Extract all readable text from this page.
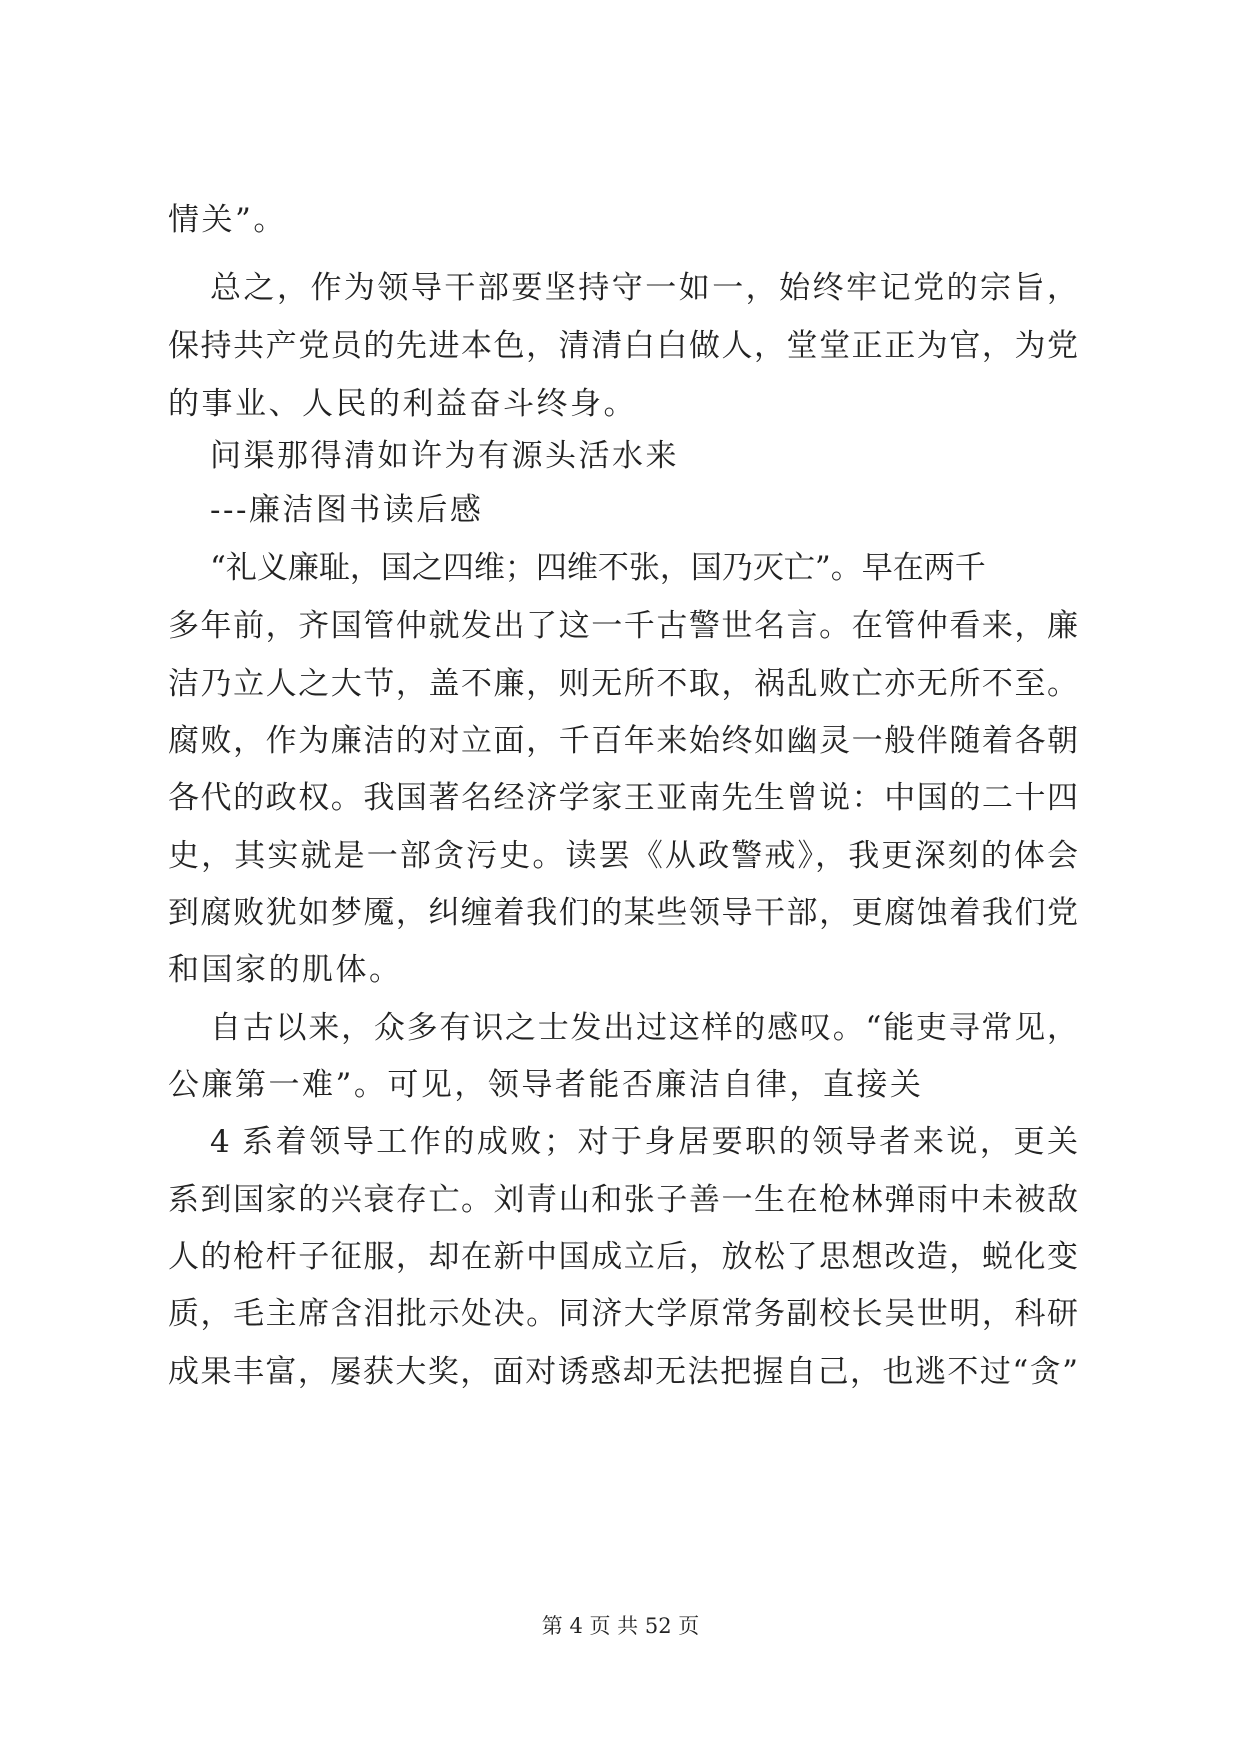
情关”。
总之，作为领导干部要坚持守一如一，始终牢记党的宗旨，
保持共产党员的先进本色，清清白白做人，堂堂正正为官，为党
的事业、人民的利益奋斗终身。
问渠那得清如许为有源头活水来
---廉洁图书读后感
“礼义廉耻，国之四维；四维不张，国乃灭亡”。早在两千
多年前，齐国管仲就发出了这一千古警世名言。在管仲看来，廉
洁乃立人之大节，盖不廉，则无所不取，祸乱败亡亦无所不至。
腐败，作为廉洁的对立面，千百年来始终如幽灵一般伴随着各朝
各代的政权。我国著名经济学家王亚南先生曾说：中国的二十四
史，其实就是一部贪污史。读罢《从政警戒》，我更深刻的体会
到腐败犹如梦魇，纠缠着我们的某些领导干部，更腐蚀着我们党
和国家的肌体。
自古以来，众多有识之士发出过这样的感叹。“能吏寻常见，
公廉第一难”。可见，领导者能否廉洁自律，直接关
4 系着领导工作的成败；对于身居要职的领导者来说，更关
系到国家的兴衰存亡。刘青山和张子善一生在枪林弹雨中未被敌
人的枪杆子征服，却在新中国成立后，放松了思想改造，蜕化变
质，毛主席含泪批示处决。同济大学原常务副校长吴世明，科研
成果丰富，屡获大奖，面对诱惑却无法把握自己，也逃不过“贪”
第 4 页 共 52 页
